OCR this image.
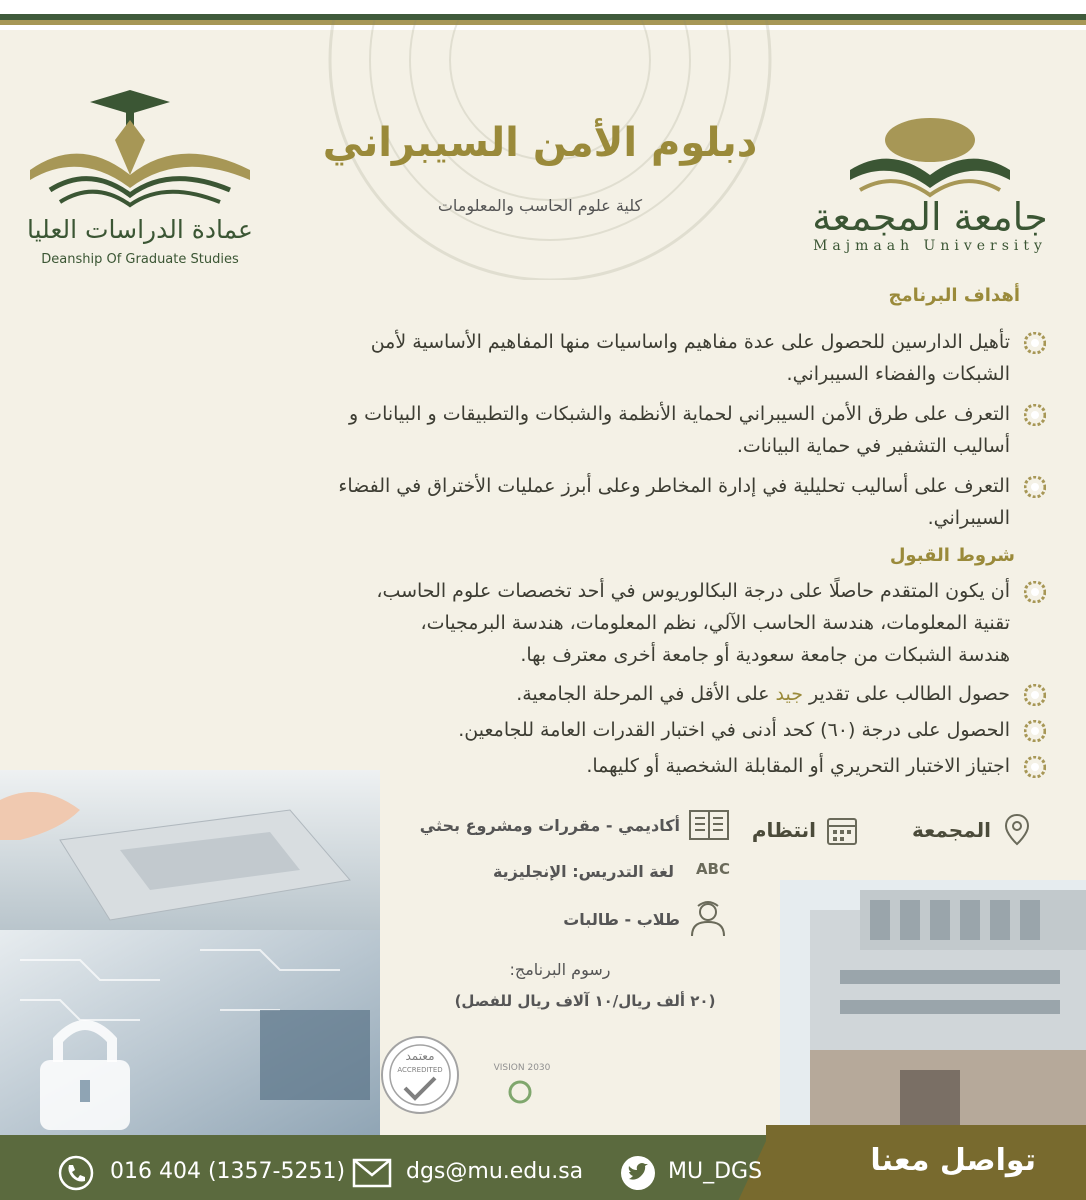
عمادة الدراسات العليا
Deanship Of Graduate Studies
دبلوم الأمن السيبراني
كلية علوم الحاسب والمعلومات	جامعة المجمعة
Majmaah University
أهداف البرنامج
تأهيل الدارسين للحصول على عدة مفاهيم واساسيات منها المفاهيم الأساسية لأمن
الشبكات والفضاء السيبراني.
التعرف على طرق الأمن السيبراني لحماية الأنظمة والشبكات والتطبيقات و البيانات و
أساليب التشفير في حماية البيانات.
التعرف على أساليب تحليلية في إدارة المخاطر وعلى أبرز عمليات الأختراق في الفضاء
السيبراني.
شروط القبول
أن يكون المتقدم حاصلًا على درجة البكالوريوس في أحد تخصصات علوم الحاسب،
تقنية المعلومات، هندسة الحاسب الآلي، نظم المعلومات، هندسة البرمجيات،
هندسة الشبكات من جامعة سعودية أو جامعة أخرى معترف بها.
حصول الطالب على تقدير جيد على الأقل في المرحلة الجامعية.
الحصول على درجة (٦٠) كحد أدنى في اختبار القدرات العامة للجامعين.
اجتياز الاختبار التحريري أو المقابلة الشخصية أو كليهما.
المجمعة
انتظام
أكاديمي - مقررات ومشروع بحثي
ABC
لغة التدريس: الإنجليزية
طلاب - طالبات
رسوم البرنامج:
(٢٠ ألف ريال/١٠ آلاف ريال للفصل)
معتمد
ACCREDITED	VISION 2030
016 404 (1357-5251)	dgs@mu.edu.sa	MU_DGS	تواصل معنا
